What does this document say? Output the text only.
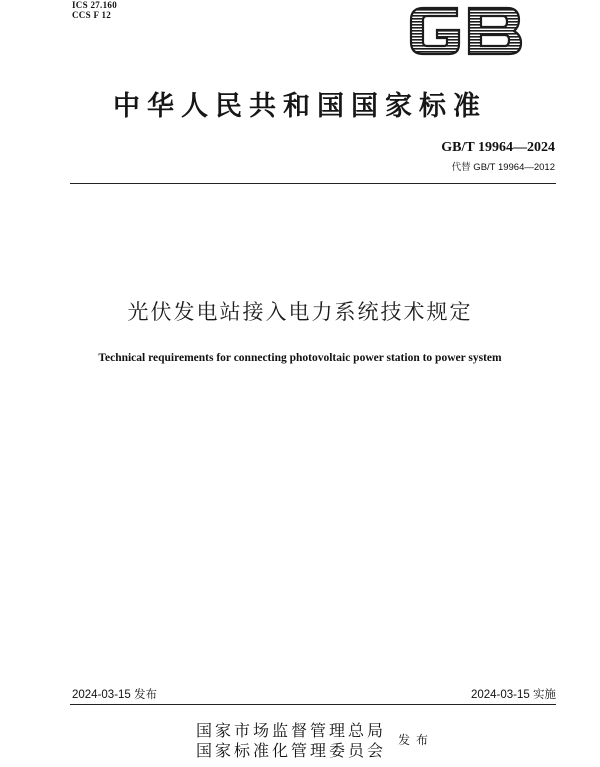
ICS 27.160
CCS F 12
中华人民共和国国家标准
GB/T 19964—2024
代替 GB/T 19964—2012
光伏发电站接入电力系统技术规定
Technical requirements for connecting photovoltaic power station to power system
2024-03-15 发布	2024-03-15 实施
国家市场监督管理总局
国家标准化管理委员会
发布
